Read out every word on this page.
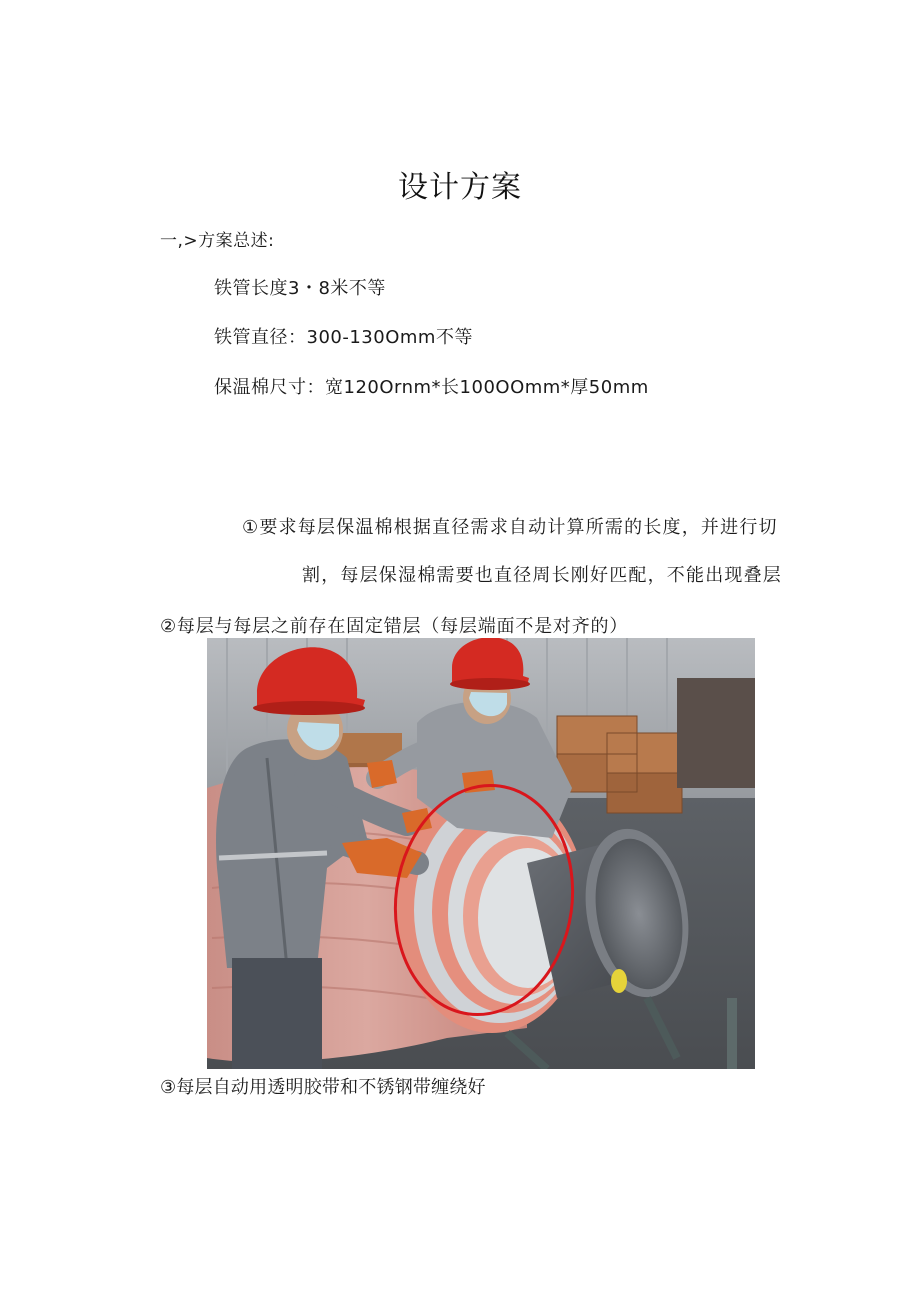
设计方案
一,>方案总述:
铁管长度3・8米不等
铁管直径：300-130Omm不等
保温棉尺寸：宽120Ornm*长100OOmm*厚50mm
①要求每层保温棉根据直径需求自动计算所需的长度，并进行切
割，每层保湿棉需要也直径周长刚好匹配，不能出现叠层
②每层与每层之前存在固定错层（每层端面不是对齐的）
③每层自动用透明胶带和不锈钢带缠绕好
